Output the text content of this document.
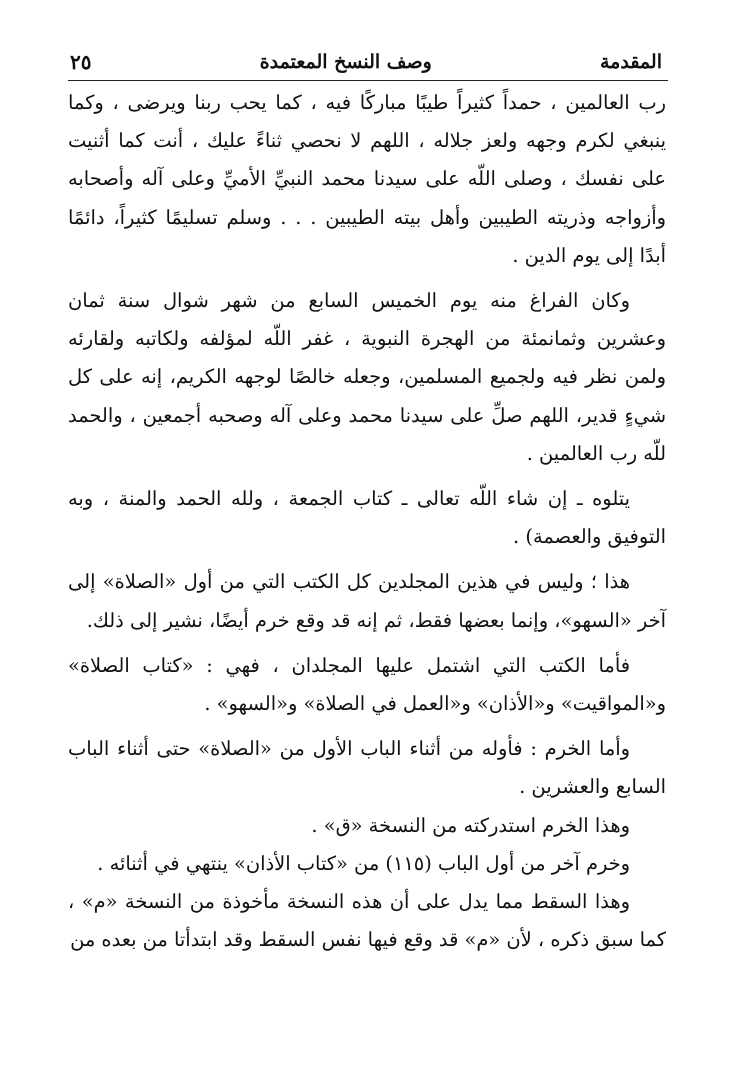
المقدمة
وصف النسخ المعتمدة
٢٥

رب العالمين ، حمداً كثيراً طيبًا مباركًا فيه ، كما يحب ربنا ويرضى ، وكما ينبغي لكرم وجهه ولعز جلاله ، اللهم لا نحصي ثناءً عليك ، أنت كما أثنيت على نفسك ، وصلى اللّه على سيدنا محمد النبيِّ الأميِّ وعلى آله وأصحابه وأزواجه وذريته الطيبين وأهل بيته الطيبين . . . وسلم تسليمًا كثيراً، دائمًا أبدًا إلى يوم الدين .

وكان الفراغ منه يوم الخميس السابع من شهر شوال سنة ثمان وعشرين وثمانمئة من الهجرة النبوية ، غفر اللّه لمؤلفه ولكاتبه ولقارئه ولمن نظر فيه ولجميع المسلمين، وجعله خالصًا لوجهه الكريم، إنه على كل شيءٍ قدير، اللهم صلِّ على سيدنا محمد وعلى آله وصحبه أجمعين ، والحمد للّه رب العالمين .

يتلوه ـ إن شاء اللّه تعالى ـ كتاب الجمعة ، ولله الحمد والمنة ، وبه التوفيق والعصمة) .

هذا ؛ وليس في هذين المجلدين كل الكتب التي من أول «الصلاة» إلى آخر «السهو»، وإنما بعضها فقط، ثم إنه قد وقع خرم أيضًا، نشير إلى ذلك.

فأما الكتب التي اشتمل عليها المجلدان ، فهي : «كتاب الصلاة» و«المواقيت» و«الأذان» و«العمل في الصلاة» و«السهو» .

وأما الخرم : فأوله من أثناء الباب الأول من «الصلاة» حتى أثناء الباب السابع والعشرين .

وهذا الخرم استدركته من النسخة «ق» .

وخرم آخر من أول الباب (١١٥) من «كتاب الأذان» ينتهي في أثنائه .

وهذا السقط مما يدل على أن هذه النسخة مأخوذة من النسخة «م» ، كما سبق ذكره ، لأن «م» قد وقع فيها نفس السقط وقد ابتدأتا من بعده من
